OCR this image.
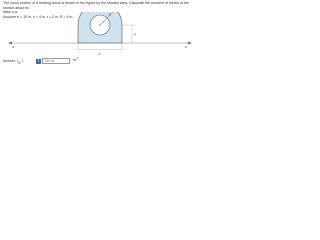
The cross section of a bearing block is shown in the figure by the shaded area. Calculate the moment of inertia of the section about its

base a-a.

Assume b = 10 in, h = 4 in, r = 2 in, R = 4 in.	R
r
h
a	a
b
Answer: $I_{aa}$ =	i
the tol	in.$^4$
